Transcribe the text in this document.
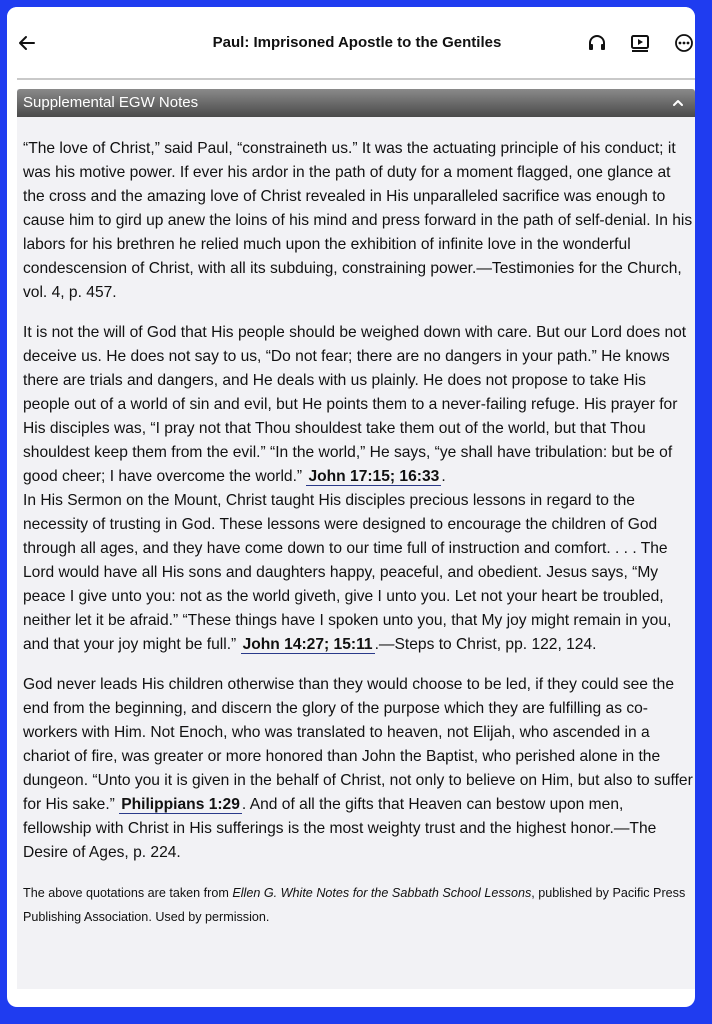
Paul: Imprisoned Apostle to the Gentiles
Supplemental EGW Notes

“The love of Christ,” said Paul, “constraineth us.” It was the actuating principle of his conduct; it was his motive power. If ever his ardor in the path of duty for a moment flagged, one glance at the cross and the amazing love of Christ revealed in His unparalleled sacrifice was enough to cause him to gird up anew the loins of his mind and press forward in the path of self-denial. In his labors for his brethren he relied much upon the exhibition of infinite love in the wonderful condescension of Christ, with all its subduing, constraining power.—Testimonies for the Church, vol. 4, p. 457.

It is not the will of God that His people should be weighed down with care. But our Lord does not deceive us. He does not say to us, “Do not fear; there are no dangers in your path.” He knows there are trials and dangers, and He deals with us plainly. He does not propose to take His people out of a world of sin and evil, but He points them to a never-failing refuge. His prayer for His disciples was, “I pray not that Thou shouldest take them out of the world, but that Thou shouldest keep them from the evil.” “In the world,” He says, “ye shall have tribulation: but be of good cheer; I have overcome the world.” John 17:15; 16:33 .

In His Sermon on the Mount, Christ taught His disciples precious lessons in regard to the necessity of trusting in God. These lessons were designed to encourage the children of God through all ages, and they have come down to our time full of instruction and comfort. . . . The Lord would have all His sons and daughters happy, peaceful, and obedient. Jesus says, “My peace I give unto you: not as the world giveth, give I unto you. Let not your heart be troubled, neither let it be afraid.” “These things have I spoken unto you, that My joy might remain in you, and that your joy might be full.” John 14:27; 15:11 .—Steps to Christ, pp. 122, 124.

God never leads His children otherwise than they would choose to be led, if they could see the end from the beginning, and discern the glory of the purpose which they are fulfilling as co-workers with Him. Not Enoch, who was translated to heaven, not Elijah, who ascended in a chariot of fire, was greater or more honored than John the Baptist, who perished alone in the dungeon. “Unto you it is given in the behalf of Christ, not only to believe on Him, but also to suffer for His sake.” Philippians 1:29 . And of all the gifts that Heaven can bestow upon men, fellowship with Christ in His sufferings is the most weighty trust and the highest honor.—The Desire of Ages, p. 224.

The above quotations are taken from Ellen G. White Notes for the Sabbath School Lessons, published by Pacific Press Publishing Association. Used by permission.
